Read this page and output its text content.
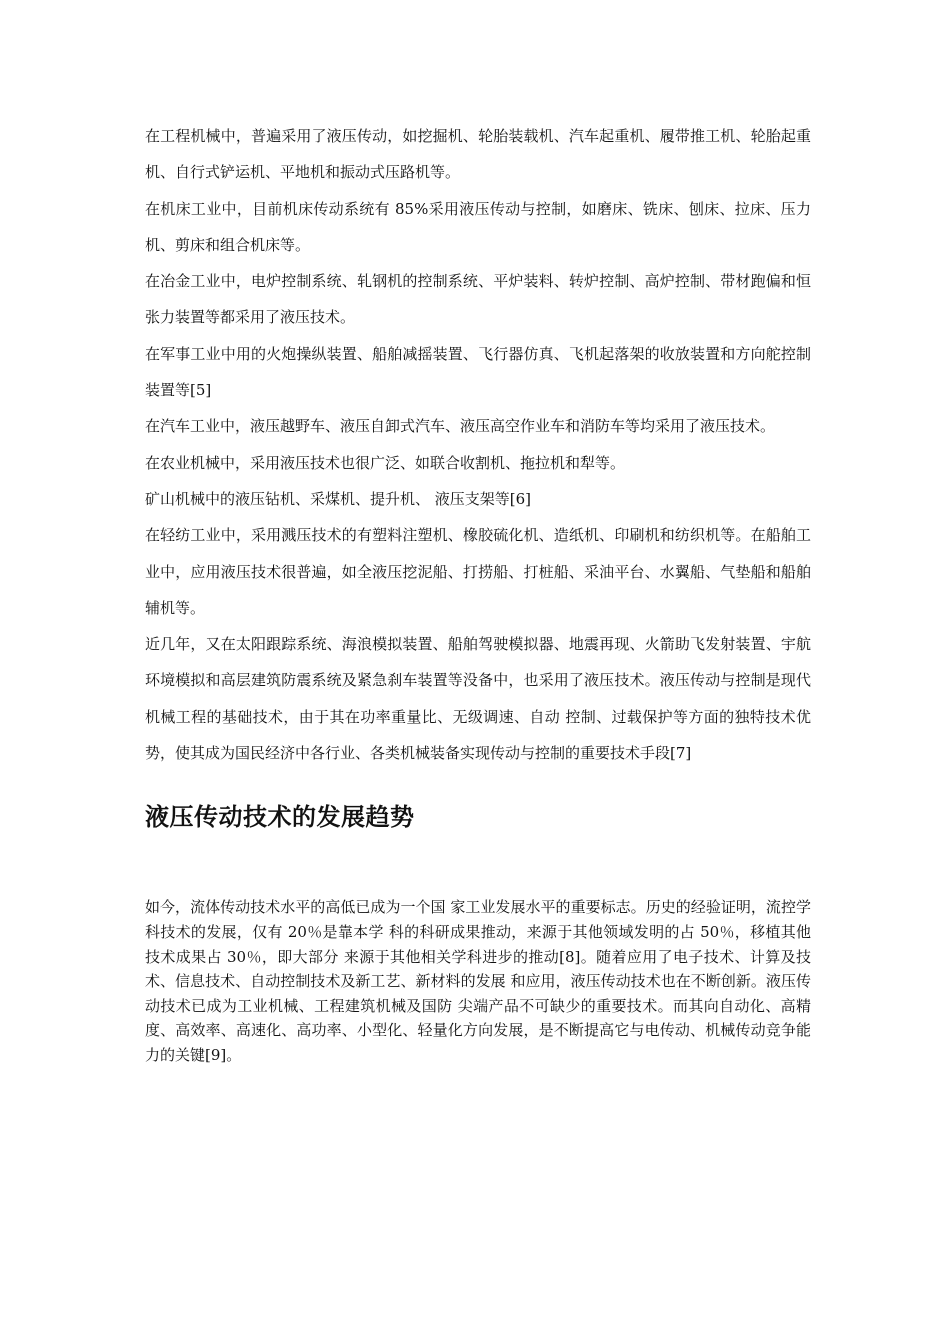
在工程机械中，普遍采用了液压传动，如挖掘机、轮胎装载机、汽车起重机、履带推工机、轮胎起重机、自行式铲运机、平地机和振动式压路机等。

在机床工业中，目前机床传动系统有 85%采用液压传动与控制，如磨床、铣床、刨床、拉床、压力机、剪床和组合机床等。

在冶金工业中，电炉控制系统、轧钢机的控制系统、平炉装料、转炉控制、高炉控制、带材跑偏和恒张力装置等都采用了液压技术。

在军事工业中用的火炮操纵装置、船舶减摇装置、飞行器仿真、飞机起落架的收放装置和方向舵控制装置等[5]

在汽车工业中，液压越野车、液压自卸式汽车、液压高空作业车和消防车等均采用了液压技术。

在农业机械中，采用液压技术也很广泛、如联合收割机、拖拉机和犁等。

矿山机械中的液压钻机、采煤机、提升机、 液压支架等[6]

在轻纺工业中，采用溅压技术的有塑料注塑机、橡胶硫化机、造纸机、印刷机和纺织机等。在船舶工业中，应用液压技术很普遍，如全液压挖泥船、打捞船、打桩船、采油平台、水翼船、气垫船和船舶辅机等。

近几年，又在太阳跟踪系统、海浪模拟装置、船舶驾驶模拟器、地震再现、火箭助飞发射装置、宇航环境模拟和高层建筑防震系统及紧急刹车装置等没备中，也采用了液压技术。液压传动与控制是现代机械工程的基础技术，由于其在功率重量比、无级调速、自动 控制、过载保护等方面的独特技术优势，使其成为国民经济中各行业、各类机械装备实现传动与控制的重要技术手段[7]

液压传动技术的发展趋势

如今，流体传动技术水平的高低已成为一个国 家工业发展水平的重要标志。历史的经验证明，流控学科技术的发展，仅有 20％是靠本学 科的科研成果推动，来源于其他领域发明的占 50％，移植其他技术成果占 30％，即大部分 来源于其他相关学科进步的推动[8]。随着应用了电子技术、计算及技术、信息技术、自动控制技术及新工艺、新材料的发展 和应用，液压传动技术也在不断创新。液压传动技术已成为工业机械、工程建筑机械及国防 尖端产品不可缺少的重要技术。而其向自动化、高精度、高效率、高速化、高功率、小型化、轻量化方向发展，是不断提高它与电传动、机械传动竞争能力的关键[9]。
